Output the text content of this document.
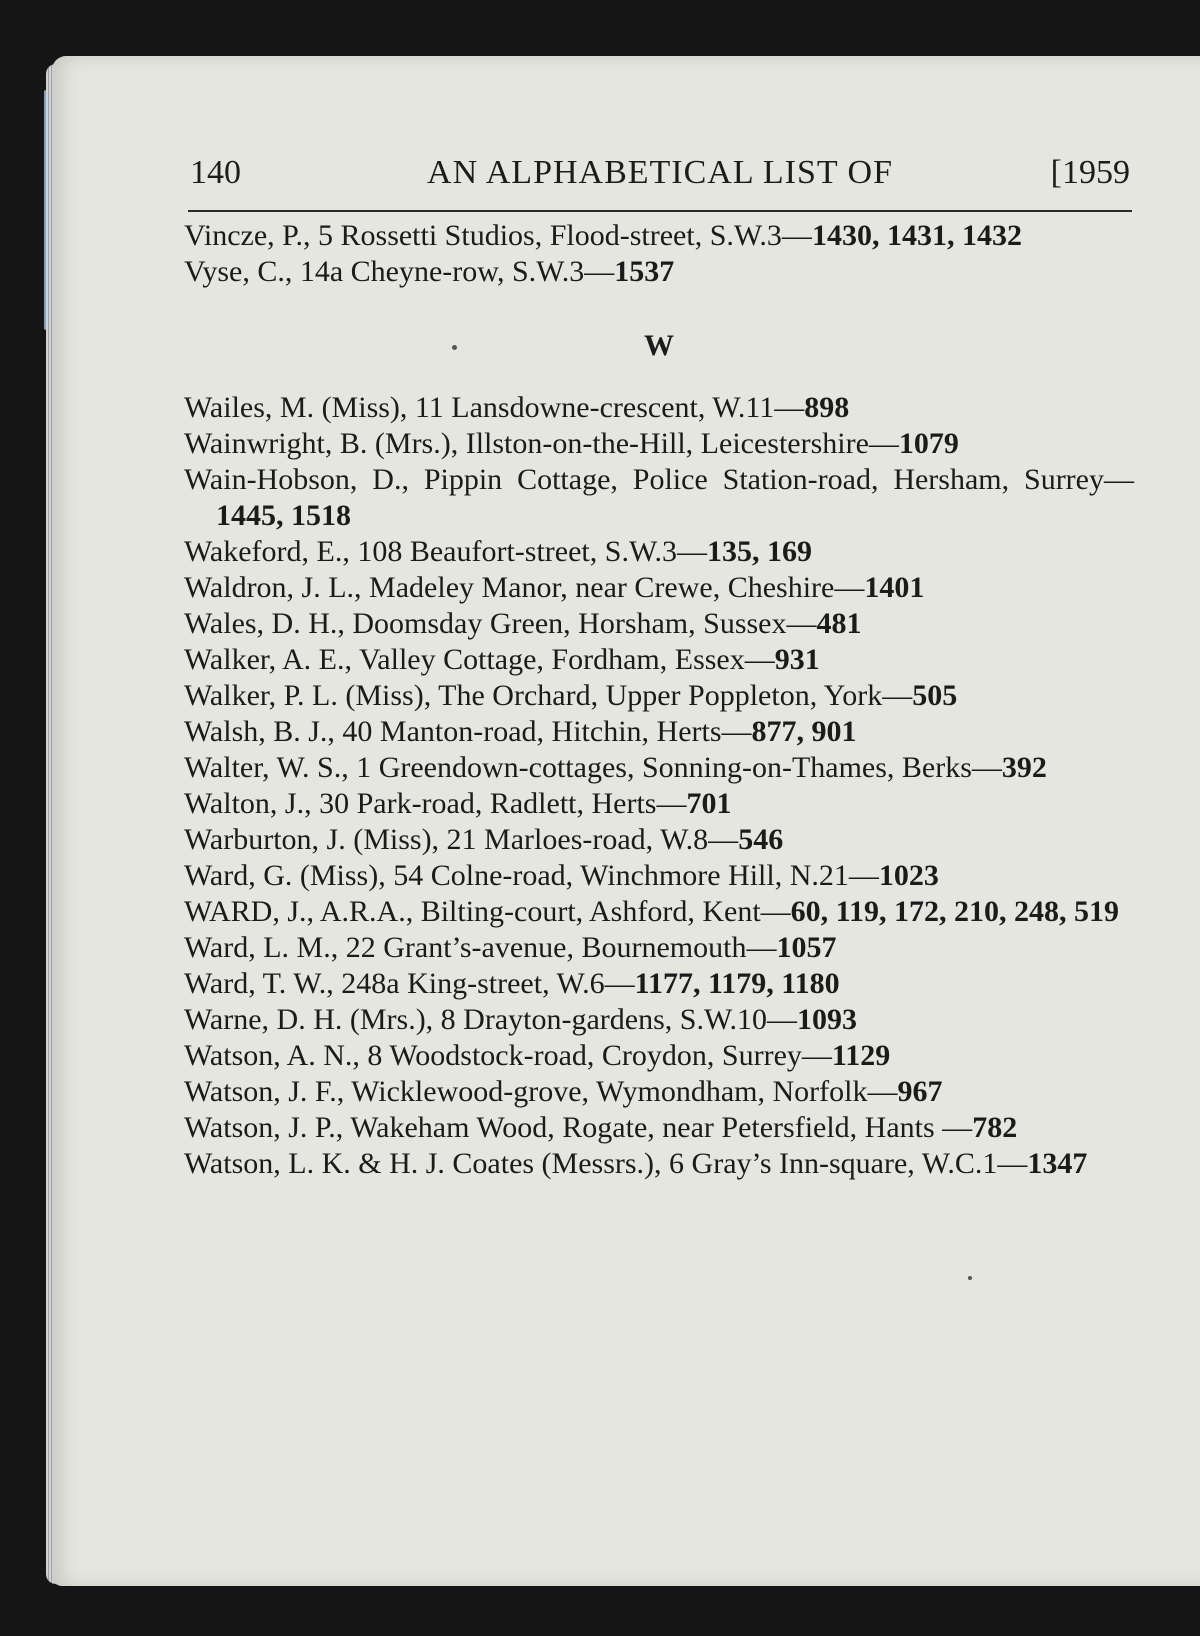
140	AN ALPHABETICAL LIST OF	[1959
Vincze, P., 5 Rossetti Studios, Flood-street, S.W.3—1430, 1431, 1432
Vyse, C., 14a Cheyne-row, S.W.3—1537
W
Wailes, M. (Miss), 11 Lansdowne-crescent, W.11—898
Wainwright, B. (Mrs.), Illston-on-the-Hill, Leicestershire—1079
Wain-Hobson, D., Pippin Cottage, Police Station-road, Hersham, Surrey—1445, 1518
Wakeford, E., 108 Beaufort-street, S.W.3—135, 169
Waldron, J. L., Madeley Manor, near Crewe, Cheshire—1401
Wales, D. H., Doomsday Green, Horsham, Sussex—481
Walker, A. E., Valley Cottage, Fordham, Essex—931
Walker, P. L. (Miss), The Orchard, Upper Poppleton, York—505
Walsh, B. J., 40 Manton-road, Hitchin, Herts—877, 901
Walter, W. S., 1 Greendown-cottages, Sonning-on-Thames, Berks—392
Walton, J., 30 Park-road, Radlett, Herts—701
Warburton, J. (Miss), 21 Marloes-road, W.8—546
Ward, G. (Miss), 54 Colne-road, Winchmore Hill, N.21—1023
WARD, J., A.R.A., Bilting-court, Ashford, Kent—60, 119, 172, 210, 248, 519
Ward, L. M., 22 Grant’s-avenue, Bournemouth—1057
Ward, T. W., 248a King-street, W.6—1177, 1179, 1180
Warne, D. H. (Mrs.), 8 Drayton-gardens, S.W.10—1093
Watson, A. N., 8 Woodstock-road, Croydon, Surrey—1129
Watson, J. F., Wicklewood-grove, Wymondham, Norfolk—967
Watson, J. P., Wakeham Wood, Rogate, near Petersfield, Hants —782
Watson, L. K. & H. J. Coates (Messrs.), 6 Gray’s Inn-square, W.C.1—1347
